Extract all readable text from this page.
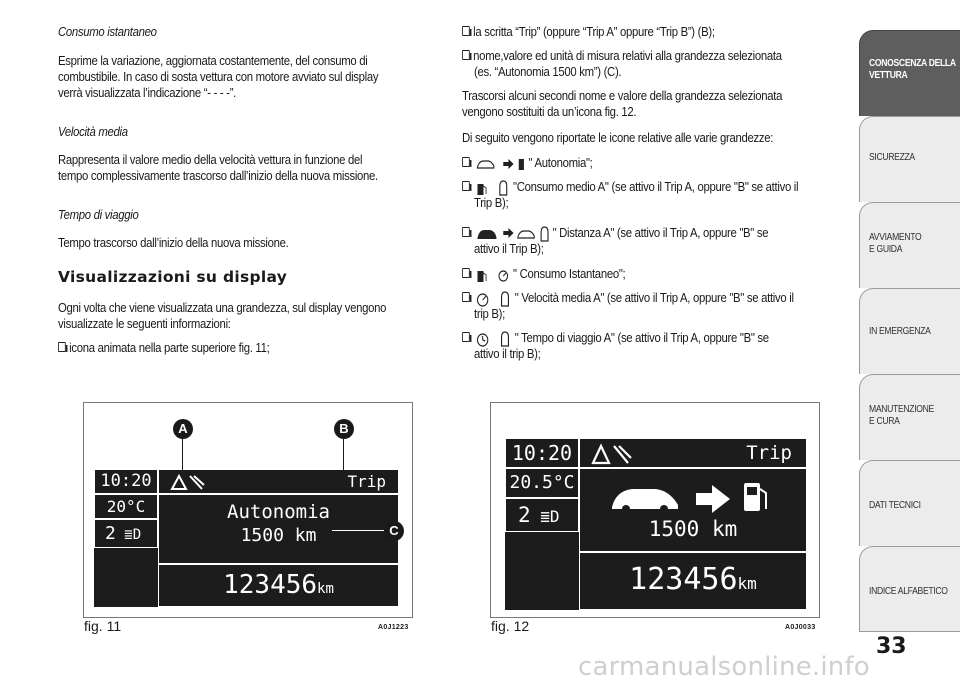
Consumo istantaneo
Esprime la variazione, aggiornata costantemente, del consumo di
combustibile. In caso di sosta vettura con motore avviato sul display
verrà visualizzata l’indicazione “- - - -”.
Velocità media
Rappresenta il valore medio della velocità vettura in funzione del
tempo complessivamente trascorso dall’inizio della nuova missione.
Tempo di viaggio
Tempo trascorso dall’inizio della nuova missione.
Visualizzazioni su display
Ogni volta che viene visualizzata una grandezza, sul display vengono
visualizzate le seguenti informazioni:
icona animata nella parte superiore fig. 11;
la scritta “Trip” (oppure “Trip A” oppure “Trip B”) (B);
nome,valore ed unità di misura relativi alla grandezza selezionata
(es. “Autonomia 1500 km”) (C).
Trascorsi alcuni secondi nome e valore della grandezza selezionata
vengono sostituiti da un’icona fig. 12.
Di seguito vengono riportate le icone relative alle varie grandezze:
" Autonomia";
"Consumo medio A" (se attivo il Trip A, oppure "B" se attivo il
Trip B);
" Distanza A" (se attivo il Trip A, oppure "B" se
attivo il Trip B);
" Consumo Istantaneo";
" Velocità media A" (se attivo il Trip A, oppure "B" se attivo il
trip B);
" Tempo di viaggio A" (se attivo il Trip A, oppure "B" se
attivo il trip B);
10:20
20°C
2 ≣D
Trip
Autonomia
1500 km
123456km
A	B
C
fig. 11	A0J1223
10:20
20.5°C
2 ≣D
Trip
1500 km
123456km
fig. 12	A0J0033
CONOSCENZA DELLA VETTURA
SICUREZZA
AVVIAMENTO E GUIDA
IN EMERGENZA
MANUTENZIONE E CURA
DATI TECNICI
INDICE ALFABETICO
33
carmanualsonline.info
